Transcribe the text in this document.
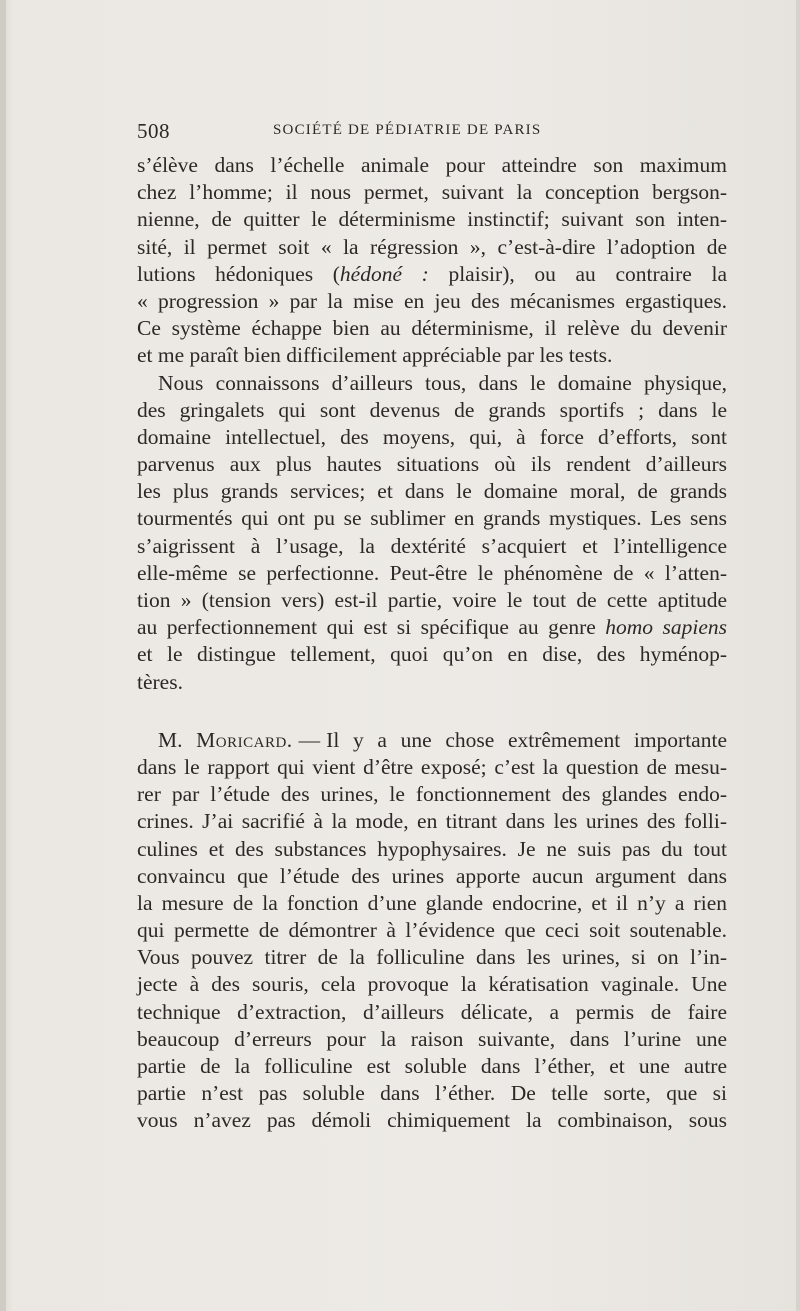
508	SOCIÉTÉ DE PÉDIATRIE DE PARIS
s’élève dans l’échelle animale pour atteindre son maximum
chez l’homme; il nous permet, suivant la conception bergson-
nienne, de quitter le déterminisme instinctif; suivant son inten-
sité, il permet soit « la régression », c’est-à-dire l’adoption de
lutions hédoniques (hédoné : plaisir), ou au contraire la
« progression » par la mise en jeu des mécanismes ergastiques.
Ce système échappe bien au déterminisme, il relève du devenir
et me paraît bien difficilement appréciable par les tests.
Nous connaissons d’ailleurs tous, dans le domaine physique,
des gringalets qui sont devenus de grands sportifs ; dans le
domaine intellectuel, des moyens, qui, à force d’efforts, sont
parvenus aux plus hautes situations où ils rendent d’ailleurs
les plus grands services; et dans le domaine moral, de grands
tourmentés qui ont pu se sublimer en grands mystiques. Les sens
s’aigrissent à l’usage, la dextérité s’acquiert et l’intelligence
elle-même se perfectionne. Peut-être le phénomène de « l’atten-
tion » (tension vers) est-il partie, voire le tout de cette aptitude
au perfectionnement qui est si spécifique au genre homo sapiens
et le distingue tellement, quoi qu’on en dise, des hyménop-
tères.
M. Moricard. — Il y a une chose extrêmement importante
dans le rapport qui vient d’être exposé; c’est la question de mesu-
rer par l’étude des urines, le fonctionnement des glandes endo-
crines. J’ai sacrifié à la mode, en titrant dans les urines des folli-
culines et des substances hypophysaires. Je ne suis pas du tout
convaincu que l’étude des urines apporte aucun argument dans
la mesure de la fonction d’une glande endocrine, et il n’y a rien
qui permette de démontrer à l’évidence que ceci soit soutenable.
Vous pouvez titrer de la folliculine dans les urines, si on l’in-
jecte à des souris, cela provoque la kératisation vaginale. Une
technique d’extraction, d’ailleurs délicate, a permis de faire
beaucoup d’erreurs pour la raison suivante, dans l’urine une
partie de la folliculine est soluble dans l’éther, et une autre
partie n’est pas soluble dans l’éther. De telle sorte, que si
vous n’avez pas démoli chimiquement la combinaison, sous
